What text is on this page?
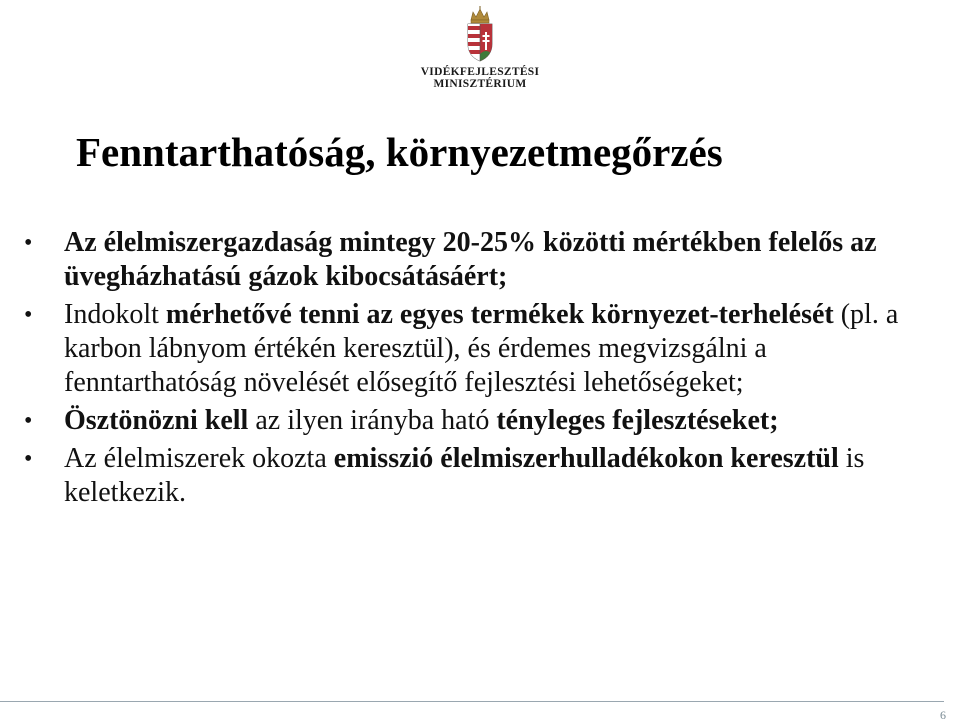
VIDÉKFEJLESZTÉSI
MINISZTÉRIUM
Fenntarthatóság, környezetmegőrzés
• Az élelmiszergazdaság mintegy 20-25% közötti mértékben felelős az üvegházhatású gázok kibocsátásáért;
• Indokolt mérhetővé tenni az egyes termékek környezet-terhelését (pl. a karbon lábnyom értékén keresztül), és érdemes megvizsgálni a fenntarthatóság növelését elősegítő fejlesztési lehetőségeket;
• Ösztönözni kell az ilyen irányba ható tényleges fejlesztéseket;
• Az élelmiszerek okozta emisszió élelmiszerhulladékokon keresztül is keletkezik.
6
